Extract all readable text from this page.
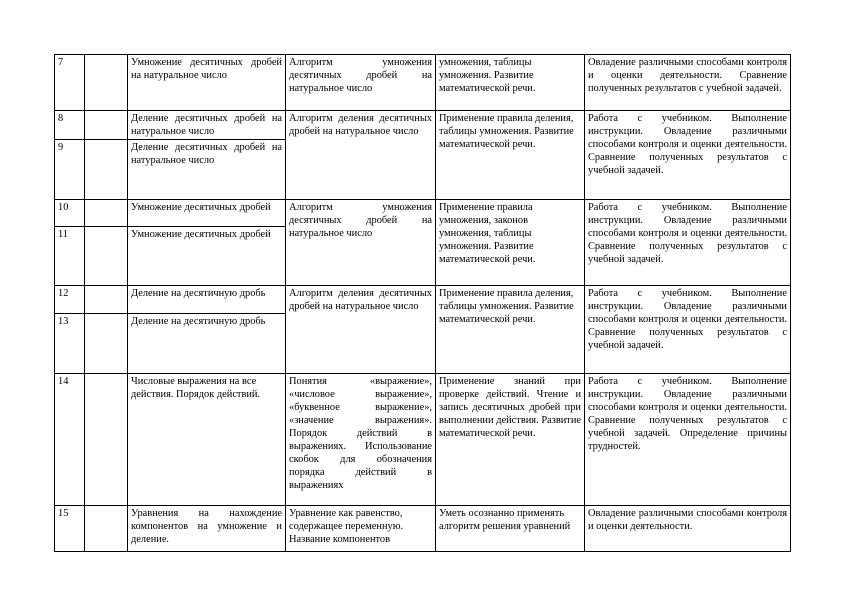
7		Умножение десятичных дробей на натуральное число	Алгоритм умножения десятичных дробей на натуральное число	умножения, таблицы умножения. Развитие математической речи.	Овладение различными способами контроля и оценки деятельности. Сравнение полученных результатов с учебной задачей.
8		Деление десятичных дробей на натуральное число	Алгоритм деления десятичных дробей на натуральное число	Применение правила деления, таблицы умножения. Развитие математической речи.	Работа с учебником. Выполнение инструкции. Овладение различными способами контроля и оценки деятельности. Сравнение полученных результатов с учебной задачей.
9		Деление десятичных дробей на натуральное число			
10		Умножение десятичных дробей	Алгоритм умножения десятичных дробей на натуральное число	Применение правила умножения, законов умножения, таблицы умножения. Развитие математической речи.	Работа с учебником. Выполнение инструкции. Овладение различными способами контроля и оценки деятельности. Сравнение полученных результатов с учебной задачей.
11		Умножение десятичных дробей			
12		Деление на десятичную дробь	Алгоритм деления десятичных дробей на натуральное число	Применение правила деления, таблицы умножения. Развитие математической речи.	Работа с учебником. Выполнение инструкции. Овладение различными способами контроля и оценки деятельности. Сравнение полученных результатов с учебной задачей.
13		Деление на десятичную дробь			
14		Числовые выражения на все действия. Порядок действий.	Понятия «выражение», «числовое выражение», «буквенное выражение», «значение выражения». Порядок действий в выражениях. Использование скобок для обозначения порядка действий в выражениях	Применение знаний при проверке действий. Чтение и запись десятичных дробей при выполнении действия. Развитие математической речи.	Работа с учебником. Выполнение инструкции. Овладение различными способами контроля и оценки деятельности. Сравнение полученных результатов с учебной задачей. Определение причины трудностей.
15		Уравнения на нахождение компонентов на умножение и деление.	Уравнение как равенство, содержащее переменную. Название компонентов	Уметь осознанно применять алгоритм решения уравнений	Овладение различными способами контроля и оценки деятельности.
